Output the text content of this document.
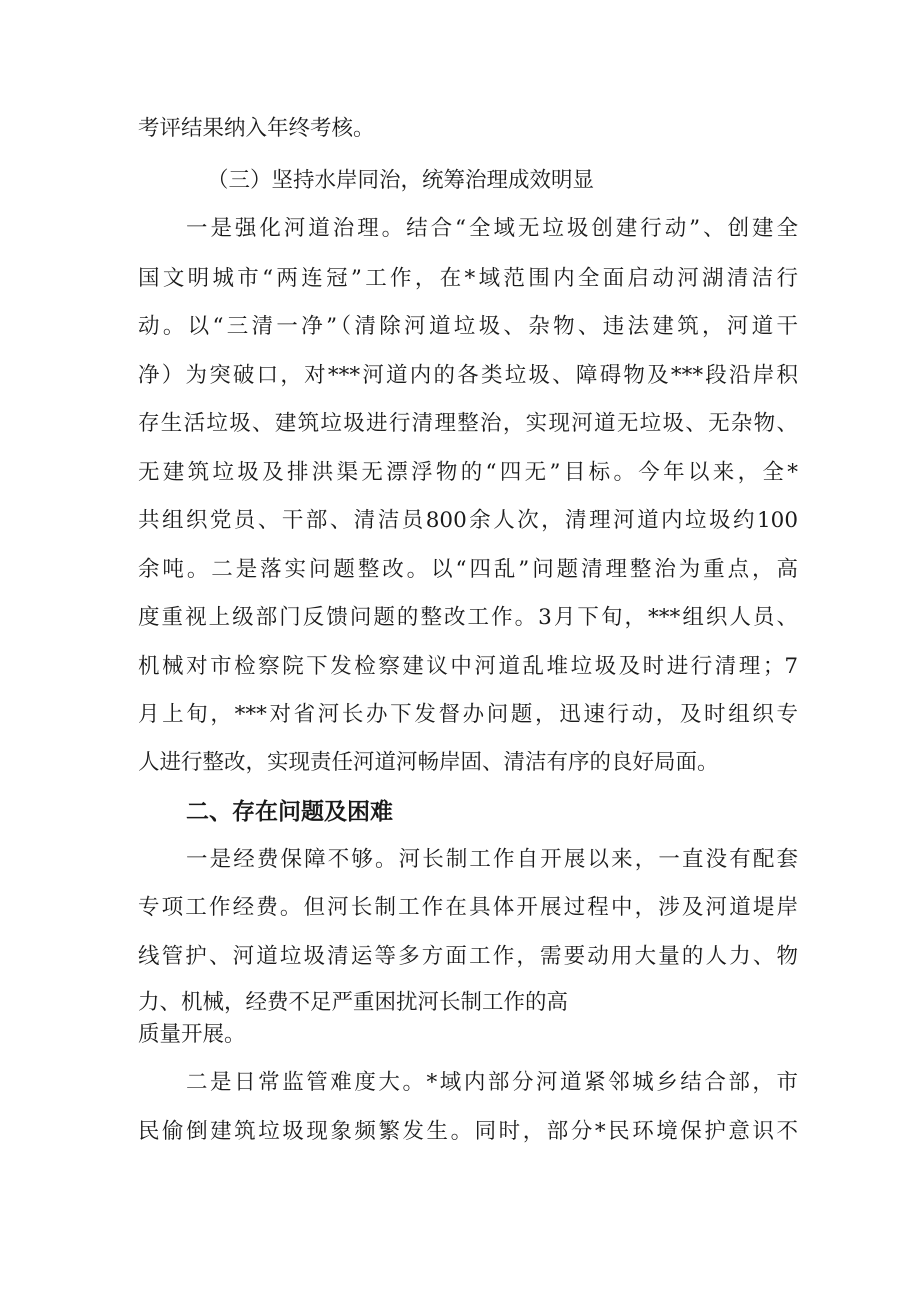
考评结果纳入年终考核。
（三）坚持水岸同治，统筹治理成效明显
一是强化河道治理。结合“全域无垃圾创建行动”、创建全
国文明城市“两连冠”工作，在*域范围内全面启动河湖清洁行
动。以“三清一净”（清除河道垃圾、杂物、违法建筑，河道干
净）为突破口，对***河道内的各类垃圾、障碍物及***段沿岸积
存生活垃圾、建筑垃圾进行清理整治，实现河道无垃圾、无杂物、
无建筑垃圾及排洪渠无漂浮物的“四无”目标。今年以来，全*
共组织党员、干部、清洁员800余人次，清理河道内垃圾约100
余吨。二是落实问题整改。以“四乱”问题清理整治为重点，高
度重视上级部门反馈问题的整改工作。3月下旬，***组织人员、
机械对市检察院下发检察建议中河道乱堆垃圾及时进行清理；7
月上旬，***对省河长办下发督办问题，迅速行动，及时组织专
人进行整改，实现责任河道河畅岸固、清洁有序的良好局面。
二、存在问题及困难
一是经费保障不够。河长制工作自开展以来，一直没有配套
专项工作经费。但河长制工作在具体开展过程中，涉及河道堤岸
线管护、河道垃圾清运等多方面工作，需要动用大量的人力、物
力、机械，经费不足严重困扰河长制工作的高
质量开展。
二是日常监管难度大。*域内部分河道紧邻城乡结合部，市
民偷倒建筑垃圾现象频繁发生。同时，部分*民环境保护意识不
